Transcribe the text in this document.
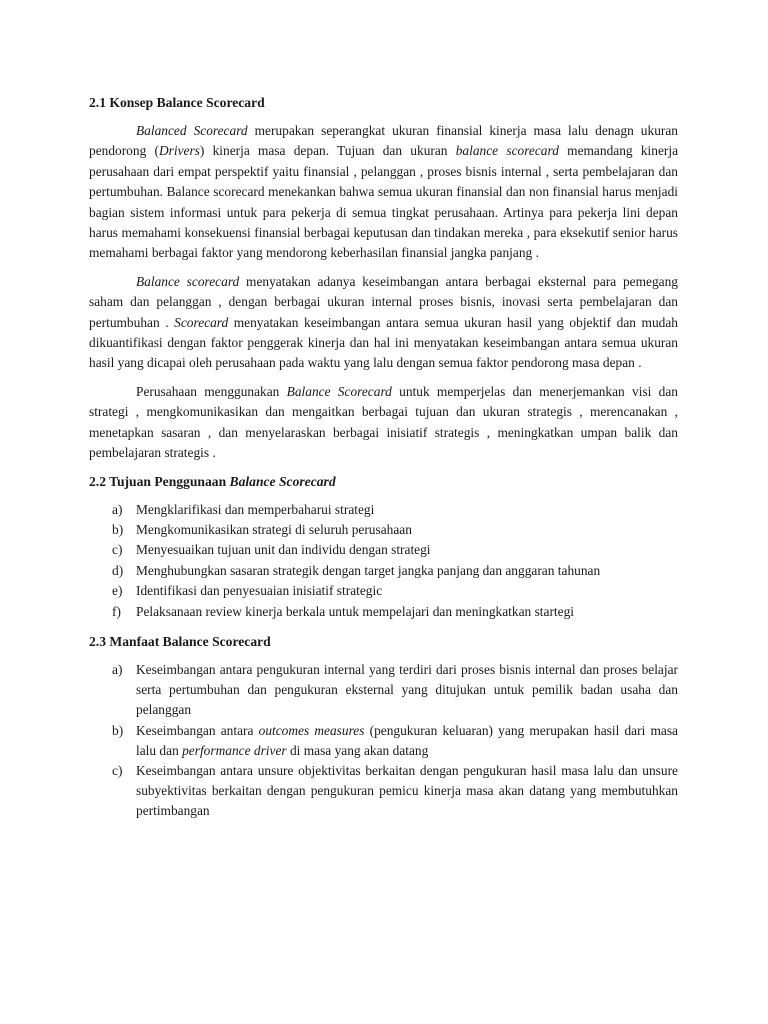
2.1 Konsep Balance Scorecard

Balanced Scorecard merupakan seperangkat ukuran finansial kinerja masa lalu denagn ukuran pendorong (Drivers) kinerja masa depan. Tujuan dan ukuran balance scorecard memandang kinerja perusahaan dari empat perspektif yaitu finansial , pelanggan , proses bisnis internal , serta pembelajaran dan pertumbuhan. Balance scorecard menekankan bahwa semua ukuran finansial dan non finansial harus menjadi bagian sistem informasi untuk para pekerja di semua tingkat perusahaan. Artinya para pekerja lini depan harus memahami konsekuensi finansial berbagai keputusan dan tindakan mereka , para eksekutif senior harus memahami berbagai faktor yang mendorong keberhasilan finansial jangka panjang .

Balance scorecard menyatakan adanya keseimbangan antara berbagai eksternal para pemegang saham dan pelanggan , dengan berbagai ukuran internal proses bisnis, inovasi serta pembelajaran dan pertumbuhan . Scorecard menyatakan keseimbangan antara semua ukuran hasil yang objektif dan mudah dikuantifikasi dengan faktor penggerak kinerja dan hal ini menyatakan keseimbangan antara semua ukuran hasil yang dicapai oleh perusahaan pada waktu yang lalu dengan semua faktor pendorong masa depan .

Perusahaan menggunakan Balance Scorecard untuk memperjelas dan menerjemankan visi dan strategi , mengkomunikasikan dan mengaitkan berbagai tujuan dan ukuran strategis , merencanakan , menetapkan sasaran , dan menyelaraskan berbagai inisiatif strategis , meningkatkan umpan balik dan pembelajaran strategis .

2.2 Tujuan Penggunaan Balance Scorecard
a) Mengklarifikasi dan memperbaharui strategi
b) Mengkomunikasikan strategi di seluruh perusahaan
c) Menyesuaikan tujuan unit dan individu dengan strategi
d) Menghubungkan sasaran strategik dengan target jangka panjang dan anggaran tahunan
e) Identifikasi dan penyesuaian inisiatif strategic
f) Pelaksanaan review kinerja berkala untuk mempelajari dan meningkatkan startegi
2.3 Manfaat Balance Scorecard
a) Keseimbangan antara pengukuran internal yang terdiri dari proses bisnis internal dan proses belajar serta pertumbuhan dan pengukuran eksternal yang ditujukan untuk pemilik badan usaha dan pelanggan
b) Keseimbangan antara outcomes measures (pengukuran keluaran) yang merupakan hasil dari masa lalu dan performance driver di masa yang akan datang
c) Keseimbangan antara unsure objektivitas berkaitan dengan pengukuran hasil masa lalu dan unsure subyektivitas berkaitan dengan pengukuran pemicu kinerja masa akan datang yang membutuhkan pertimbangan
